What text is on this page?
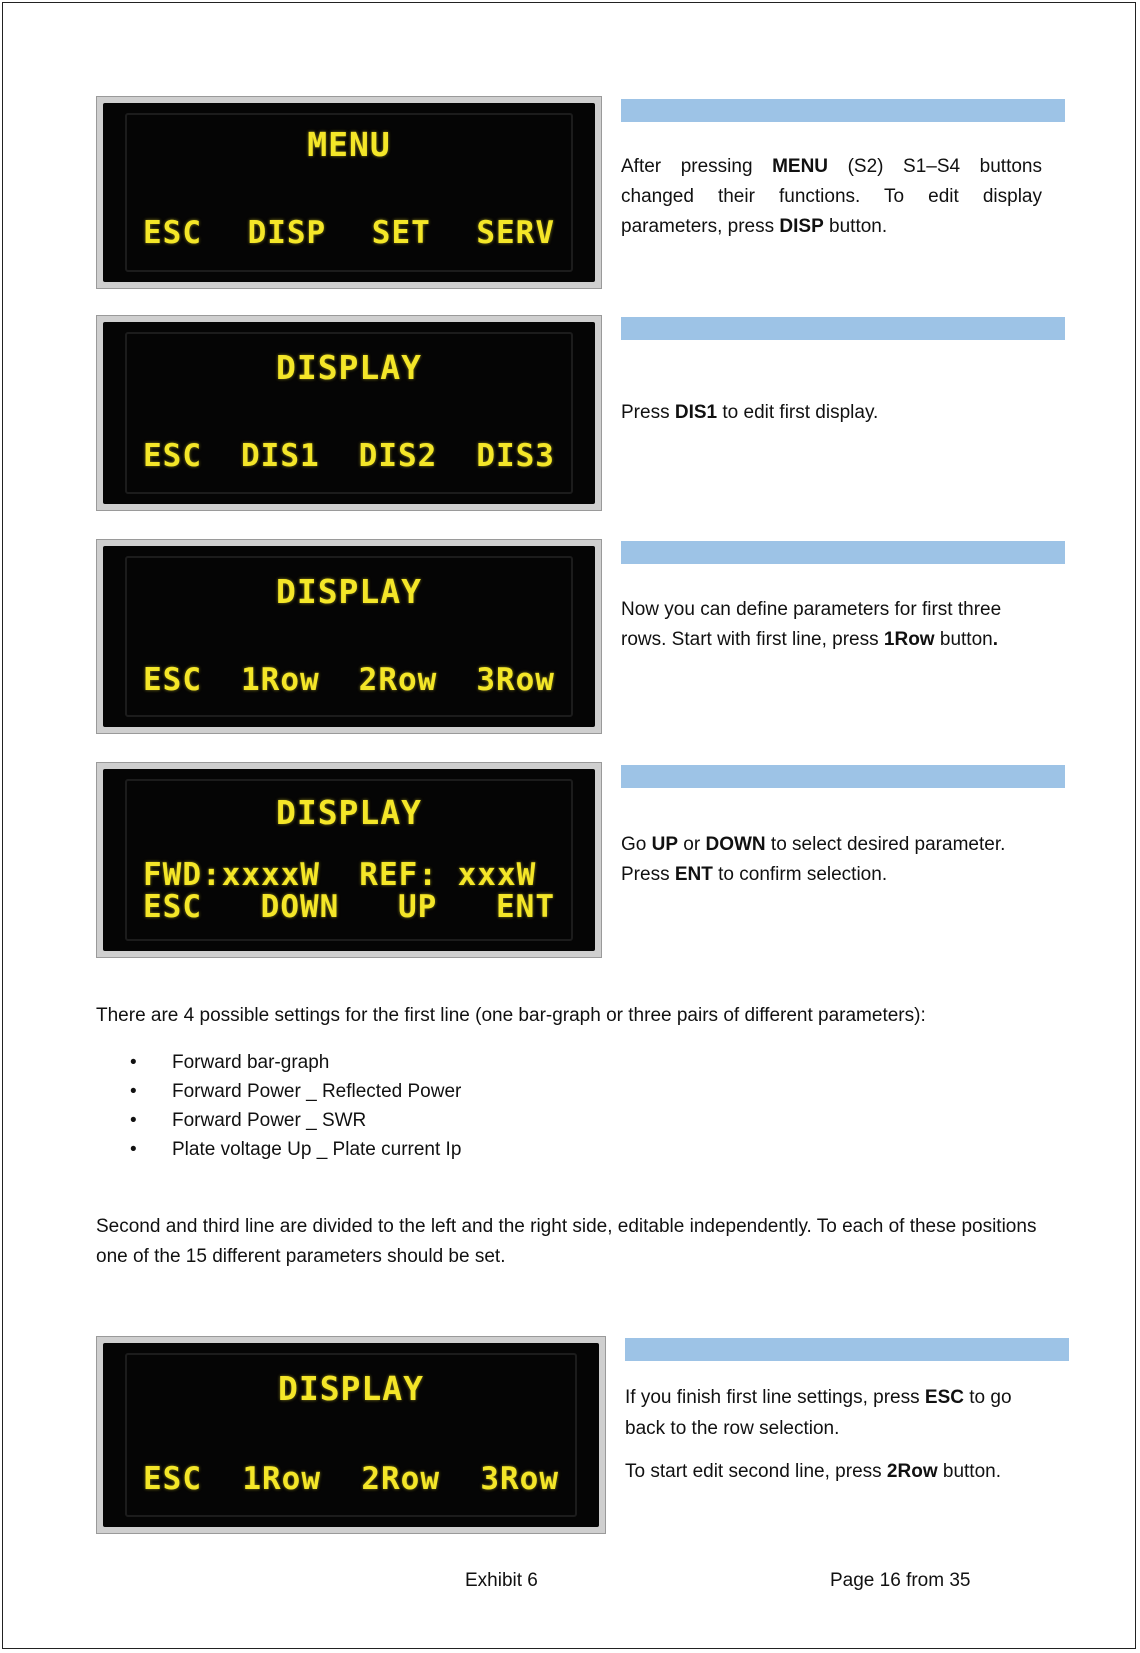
MENU
ESC DISP SET SERV

After pressing MENU (S2) S1–S4 buttons changed their functions. To edit display parameters, press DISP button.

DISPLAY
ESC DIS1 DIS2 DIS3

Press DIS1 to edit first display.

DISPLAY
ESC 1Row 2Row 3Row

Now you can define parameters for first three rows. Start with first line, press 1Row button.

DISPLAY
FWD:xxxxW  REF: xxxW
ESC DOWN UP ENT

Go UP or DOWN to select desired parameter. Press ENT to confirm selection.

There are 4 possible settings for the first line (one bar-graph or three pairs of different parameters):
• Forward bar-graph
• Forward Power _ Reflected Power
• Forward Power _ SWR
• Plate voltage Up _ Plate current Ip
Second and third line are divided to the left and the right side, editable independently. To each of these positions one of the 15 different parameters should be set.
DISPLAY
ESC 1Row 2Row 3Row

If you finish first line settings, press ESC to go back to the row selection.

To start edit second line, press 2Row button.

Exhibit 6	Page 16 from 35
